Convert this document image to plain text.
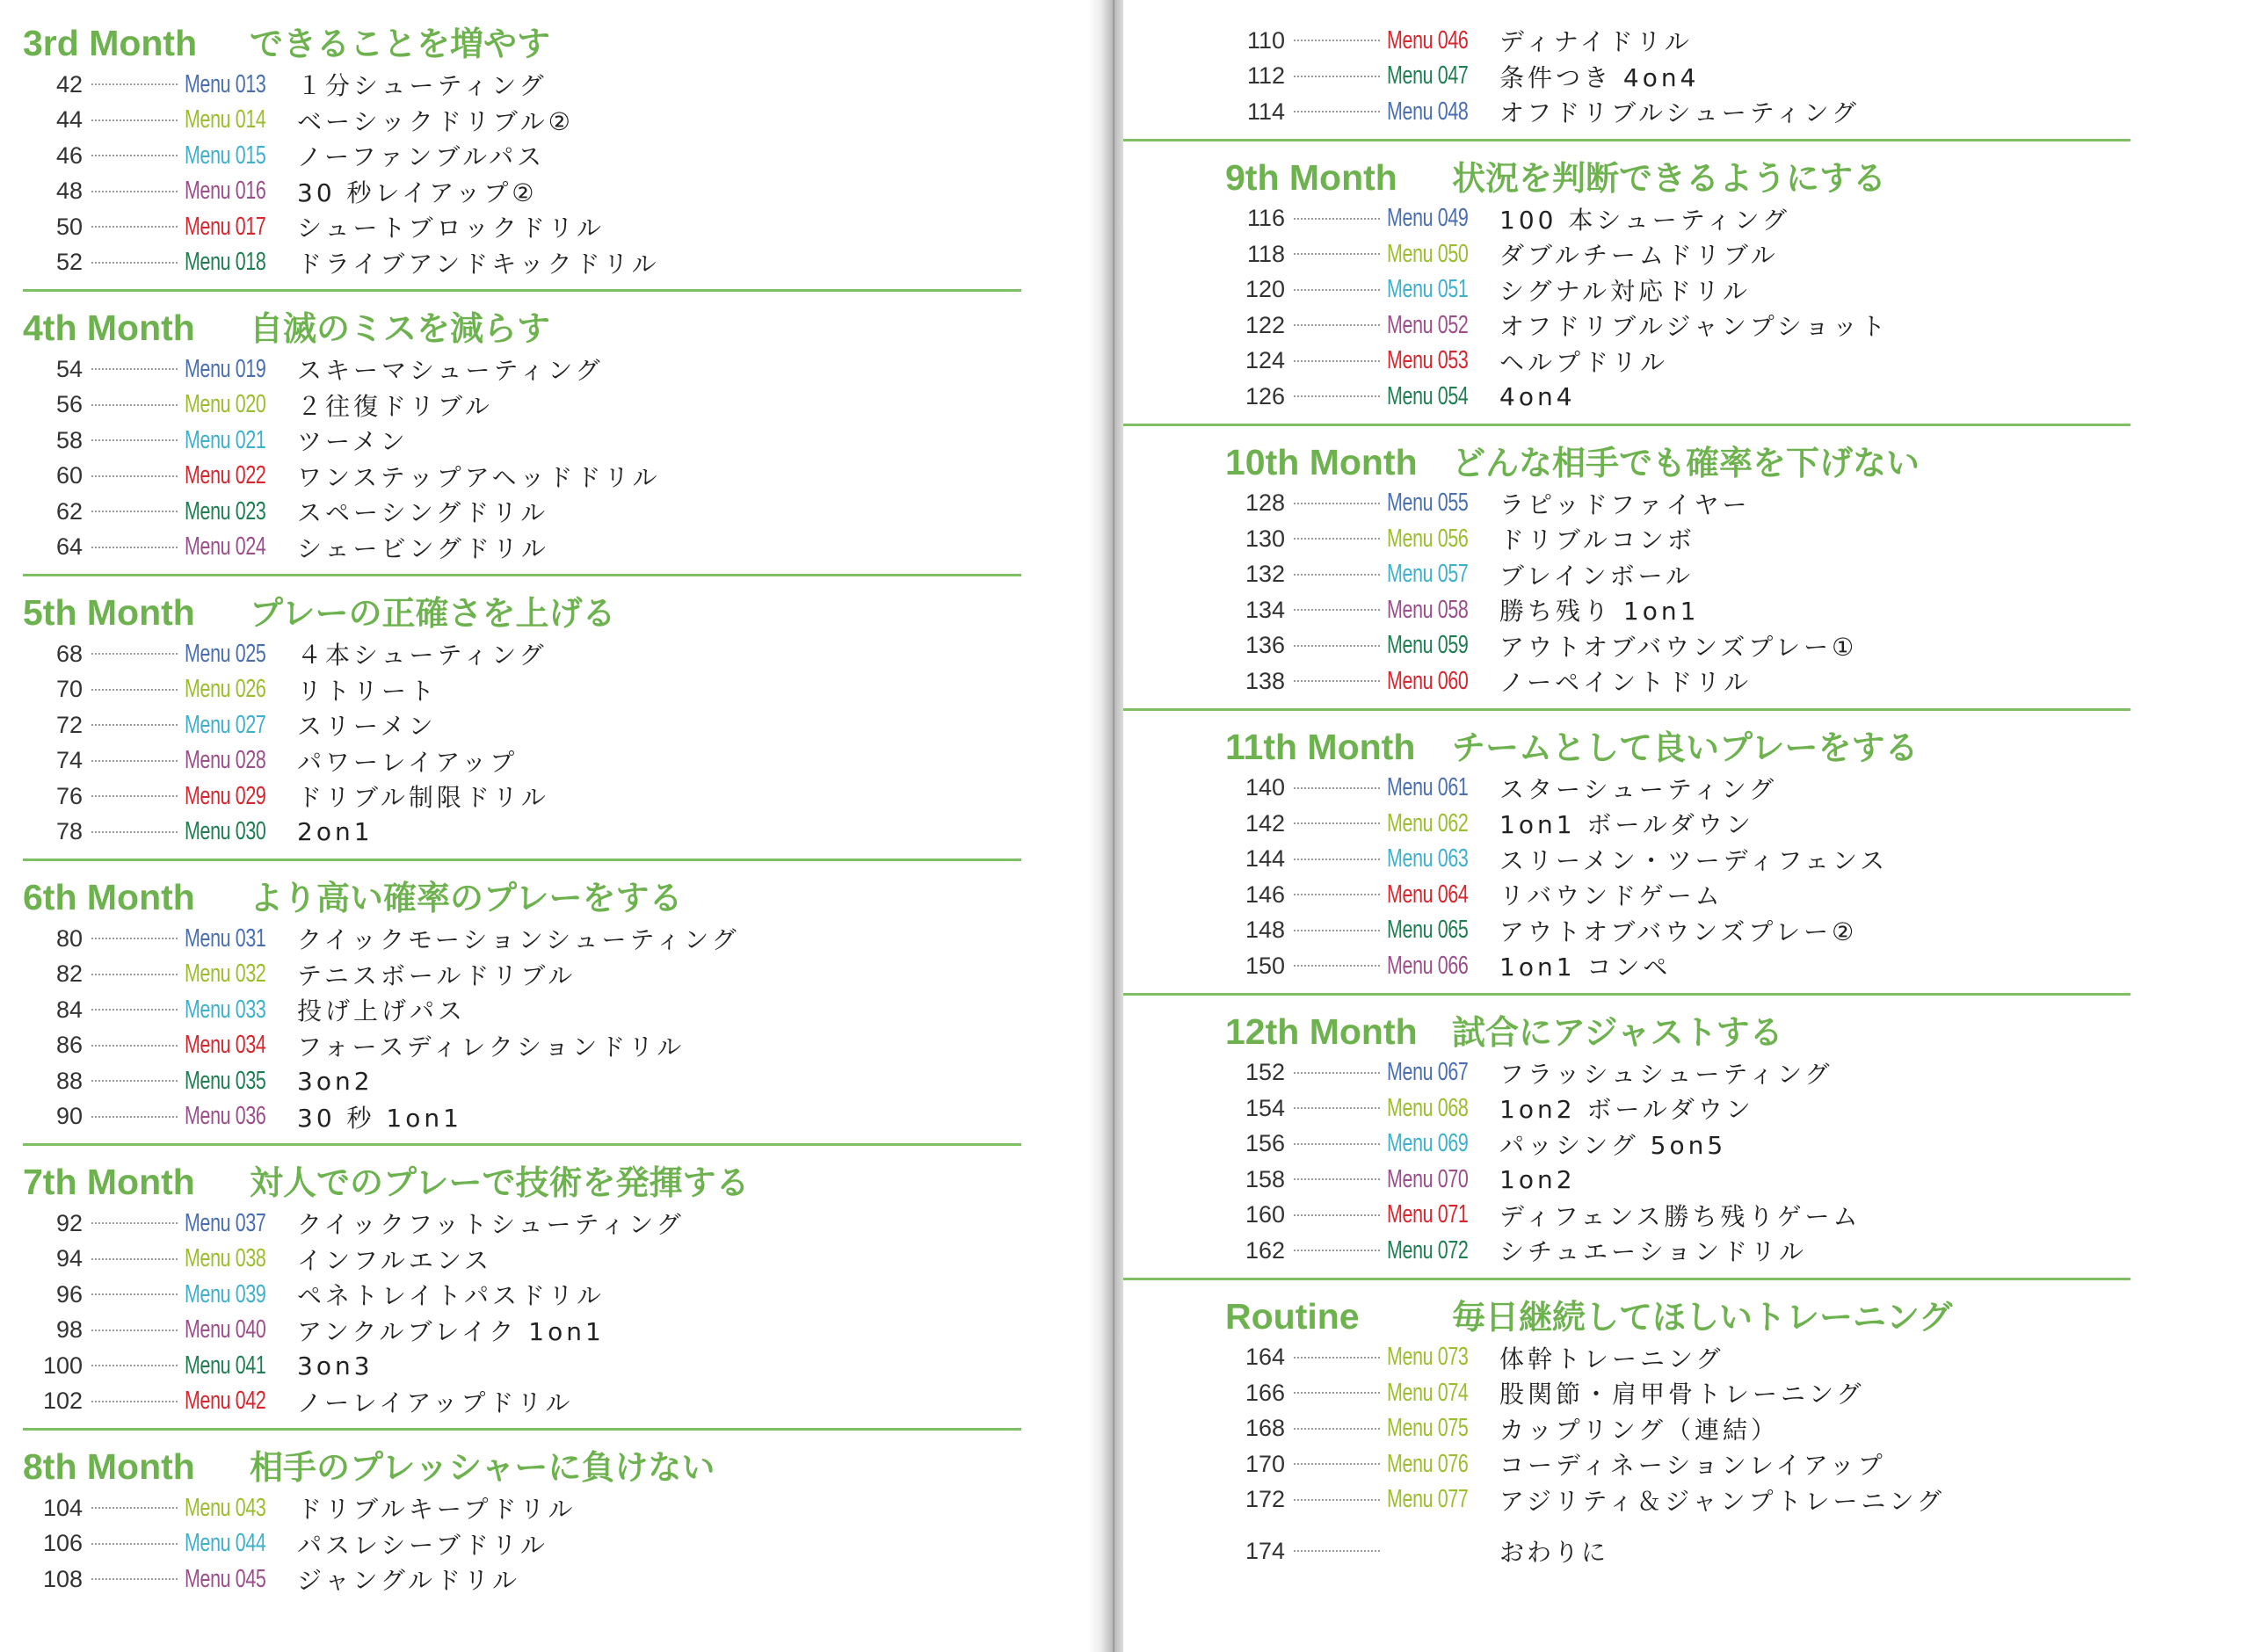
3rd Month	できることを増やす
42	Menu 013 １分シューティング
44	Menu 014 ベーシックドリブル②
46	Menu 015 ノーファンブルパス
48	Menu 016 30 秒レイアップ②
50	Menu 017 シュートブロックドリル
52	Menu 018 ドライブアンドキックドリル
4th Month	自滅のミスを減らす
54	Menu 019 スキーマシューティング
56	Menu 020 ２往復ドリブル
58	Menu 021 ツーメン
60	Menu 022 ワンステップアヘッドドリル
62	Menu 023 スペーシングドリル
64	Menu 024 シェービングドリル
5th Month	プレーの正確さを上げる
68	Menu 025 ４本シューティング
70	Menu 026 リトリート
72	Menu 027 スリーメン
74	Menu 028 パワーレイアップ
76	Menu 029 ドリブル制限ドリル
78	Menu 030 2on1
6th Month	より高い確率のプレーをする
80	Menu 031 クイックモーションシューティング
82	Menu 032 テニスボールドリブル
84	Menu 033 投げ上げパス
86	Menu 034 フォースディレクションドリル
88	Menu 035 3on2
90	Menu 036 30 秒 1on1
7th Month	対人でのプレーで技術を発揮する
92	Menu 037 クイックフットシューティング
94	Menu 038 インフルエンス
96	Menu 039 ペネトレイトパスドリル
98	Menu 040 アンクルブレイク 1on1
100	Menu 041 3on3
102	Menu 042 ノーレイアップドリル
8th Month	相手のプレッシャーに負けない
104	Menu 043 ドリブルキープドリル
106	Menu 044 パスレシーブドリル
108	Menu 045 ジャングルドリル
110	Menu 046 ディナイドリル
112	Menu 047 条件つき 4on4
114	Menu 048 オフドリブルシューティング
9th Month	状況を判断できるようにする
116	Menu 049 100 本シューティング
118	Menu 050 ダブルチームドリブル
120	Menu 051 シグナル対応ドリル
122	Menu 052 オフドリブルジャンプショット
124	Menu 053 ヘルプドリル
126	Menu 054 4on4
10th Month	どんな相手でも確率を下げない
128	Menu 055 ラピッドファイヤー
130	Menu 056 ドリブルコンボ
132	Menu 057 ブレインボール
134	Menu 058 勝ち残り 1on1
136	Menu 059 アウトオブバウンズプレー①
138	Menu 060 ノーペイントドリル
11th Month	チームとして良いプレーをする
140	Menu 061 スターシューティング
142	Menu 062 1on1 ボールダウン
144	Menu 063 スリーメン・ツーディフェンス
146	Menu 064 リバウンドゲーム
148	Menu 065 アウトオブバウンズプレー②
150	Menu 066 1on1 コンペ
12th Month	試合にアジャストする
152	Menu 067 フラッシュシューティング
154	Menu 068 1on2 ボールダウン
156	Menu 069 パッシング 5on5
158	Menu 070 1on2
160	Menu 071 ディフェンス勝ち残りゲーム
162	Menu 072 シチュエーションドリル
Routine	毎日継続してほしいトレーニング
164	Menu 073 体幹トレーニング
166	Menu 074 股関節・肩甲骨トレーニング
168	Menu 075 カップリング（連結）
170	Menu 076 コーディネーションレイアップ
172	Menu 077 アジリティ＆ジャンプトレーニング
174	おわりに
